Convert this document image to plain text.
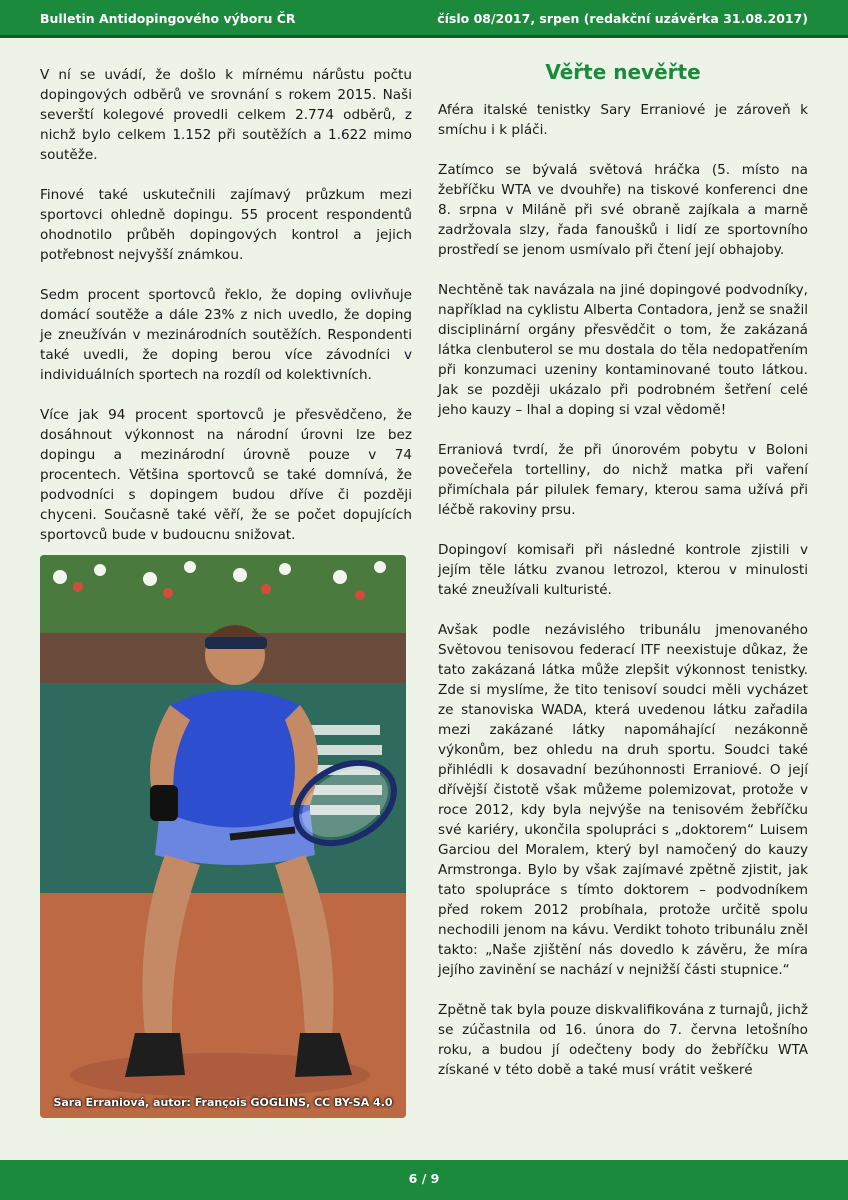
Bulletin Antidopingového výboru ČR	číslo 08/2017, srpen (redakční uzávěrka 31.08.2017)

V ní se uvádí, že došlo k mírnému nárůstu počtu dopingových odběrů ve srovnání s rokem 2015. Naši severští kolegové provedli celkem 2.774 odběrů, z nichž bylo celkem 1.152 při soutěžích a 1.622 mimo soutěže.

Finové také uskutečnili zajímavý průzkum mezi sportovci ohledně dopingu. 55 procent respondentů ohodnotilo průběh dopingových kontrol a jejich potřebnost nejvyšší známkou.

Sedm procent sportovců řeklo, že doping ovlivňuje domácí soutěže a dále 23% z nich uvedlo, že doping je zneužíván v mezinárodních soutěžích. Respondenti také uvedli, že doping berou více závodníci v individuálních sportech na rozdíl od kolektivních.

Více jak 94 procent sportovců je přesvědčeno, že dosáhnout výkonnost na národní úrovni lze bez dopingu a mezinárodní úrovně pouze v 74 procentech. Většina sportovců se také domnívá, že podvodníci s dopingem budou dříve či později chyceni. Současně také věří, že se počet dopujících sportovců bude v budoucnu snižovat.

Sara Erraniová, autor: François GOGLINS, CC BY-SA 4.0
Věřte nevěřte

Aféra italské tenistky Sary Erraniové je zároveň k smíchu i k pláči.

Zatímco se bývalá světová hráčka (5. místo na žebříčku WTA ve dvouhře) na tiskové konferenci dne 8. srpna v Miláně při své obraně zajíkala a marně zadržovala slzy, řada fanoušků i lidí ze sportovního prostředí se jenom usmívalo při čtení její obhajoby.

Nechtěně tak navázala na jiné dopingové podvodníky, například na cyklistu Alberta Contadora, jenž se snažil disciplinární orgány přesvědčit o tom, že zakázaná látka clenbuterol se mu dostala do těla nedopatřením při konzumaci uzeniny kontaminované touto látkou. Jak se později ukázalo při podrobném šetření celé jeho kauzy – lhal a doping si vzal vědomě!

Erraniová tvrdí, že při únorovém pobytu v Boloni povečeřela tortelliny, do nichž matka při vaření přimíchala pár pilulek femary, kterou sama užívá při léčbě rakoviny prsu.

Dopingoví komisaři při následné kontrole zjistili v jejím těle látku zvanou letrozol, kterou v minulosti také zneužívali kulturisté.

Avšak podle nezávislého tribunálu jmenovaného Světovou tenisovou federací ITF neexistuje důkaz, že tato zakázaná látka může zlepšit výkonnost tenistky. Zde si myslíme, že tito tenisoví soudci měli vycházet ze stanoviska WADA, která uvedenou látku zařadila mezi zakázané látky napomáhající nezákonně výkonům, bez ohledu na druh sportu. Soudci také přihlédli k dosavadní bezúhonnosti Erraniové. O její dřívější čistotě však můžeme polemizovat, protože v roce 2012, kdy byla nejvýše na tenisovém žebříčku své kariéry, ukončila spolupráci s „doktorem“ Luisem Garciou del Moralem, který byl namočený do kauzy Armstronga. Bylo by však zajímavé zpětně zjistit, jak tato spolupráce s tímto doktorem – podvodníkem před rokem 2012 probíhala, protože určitě spolu nechodili jenom na kávu. Verdikt tohoto tribunálu zněl takto: „Naše zjištění nás dovedlo k závěru, že míra jejího zavinění se nachází v nejnižší části stupnice.“

Zpětně tak byla pouze diskvalifikována z turnajů, jichž se zúčastnila od 16. února do 7. června letošního roku, a budou jí odečteny body do žebříčku WTA získané v této době a také musí vrátit veškeré

6 / 9
